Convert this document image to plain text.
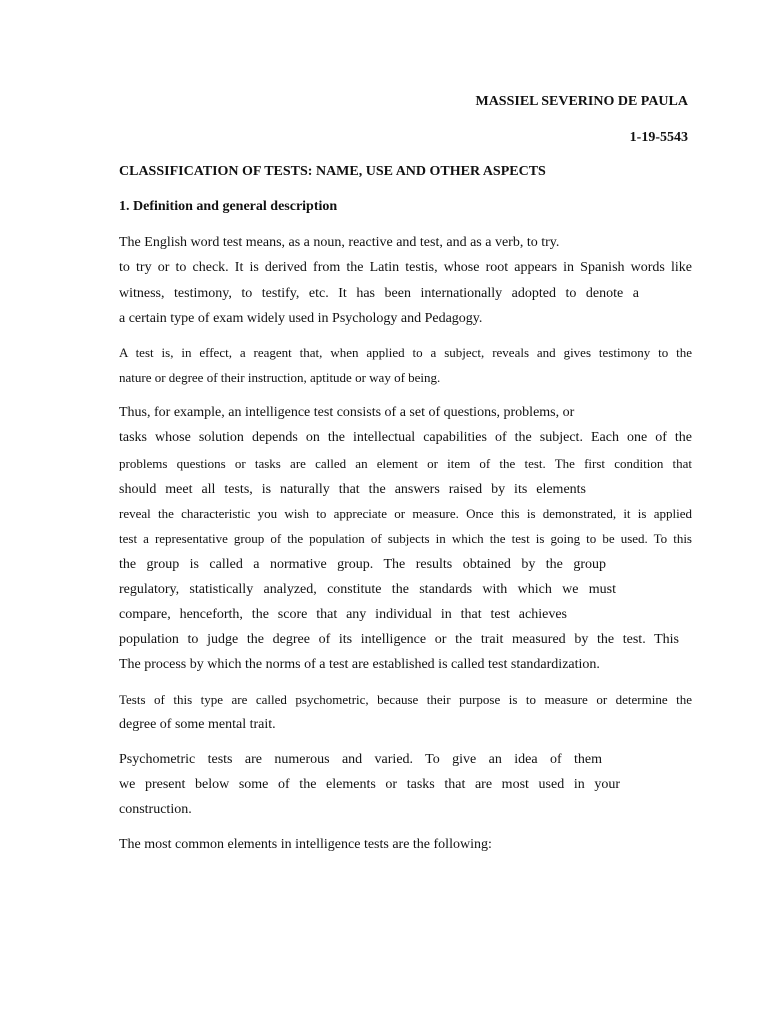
MASSIEL SEVERINO DE PAULA
1-19-5543
CLASSIFICATION OF TESTS: NAME, USE AND OTHER ASPECTS
1. Definition and general description
The English word test means, as a noun, reactive and test, and as a verb, to try.
to try or to check. It is derived from the Latin testis, whose root appears in Spanish words like
witness, testimony, to testify, etc. It has been internationally adopted to denote a
a certain type of exam widely used in Psychology and Pedagogy.
A test is, in effect, a reagent that, when applied to a subject, reveals and gives testimony to the
nature or degree of their instruction, aptitude or way of being.
Thus, for example, an intelligence test consists of a set of questions, problems, or
tasks whose solution depends on the intellectual capabilities of the subject. Each one of the
problems questions or tasks are called an element or item of the test. The first condition that
should meet all tests, is naturally that the answers raised by its elements
reveal the characteristic you wish to appreciate or measure. Once this is demonstrated, it is applied
test a representative group of the population of subjects in which the test is going to be used. To this
the group is called a normative group. The results obtained by the group
regulatory, statistically analyzed, constitute the standards with which we must
compare, henceforth, the score that any individual in that test achieves
population to judge the degree of its intelligence or the trait measured by the test. This
The process by which the norms of a test are established is called test standardization.
Tests of this type are called psychometric, because their purpose is to measure or determine the
degree of some mental trait.
Psychometric tests are numerous and varied. To give an idea of them
we present below some of the elements or tasks that are most used in your
construction.
The most common elements in intelligence tests are the following:
